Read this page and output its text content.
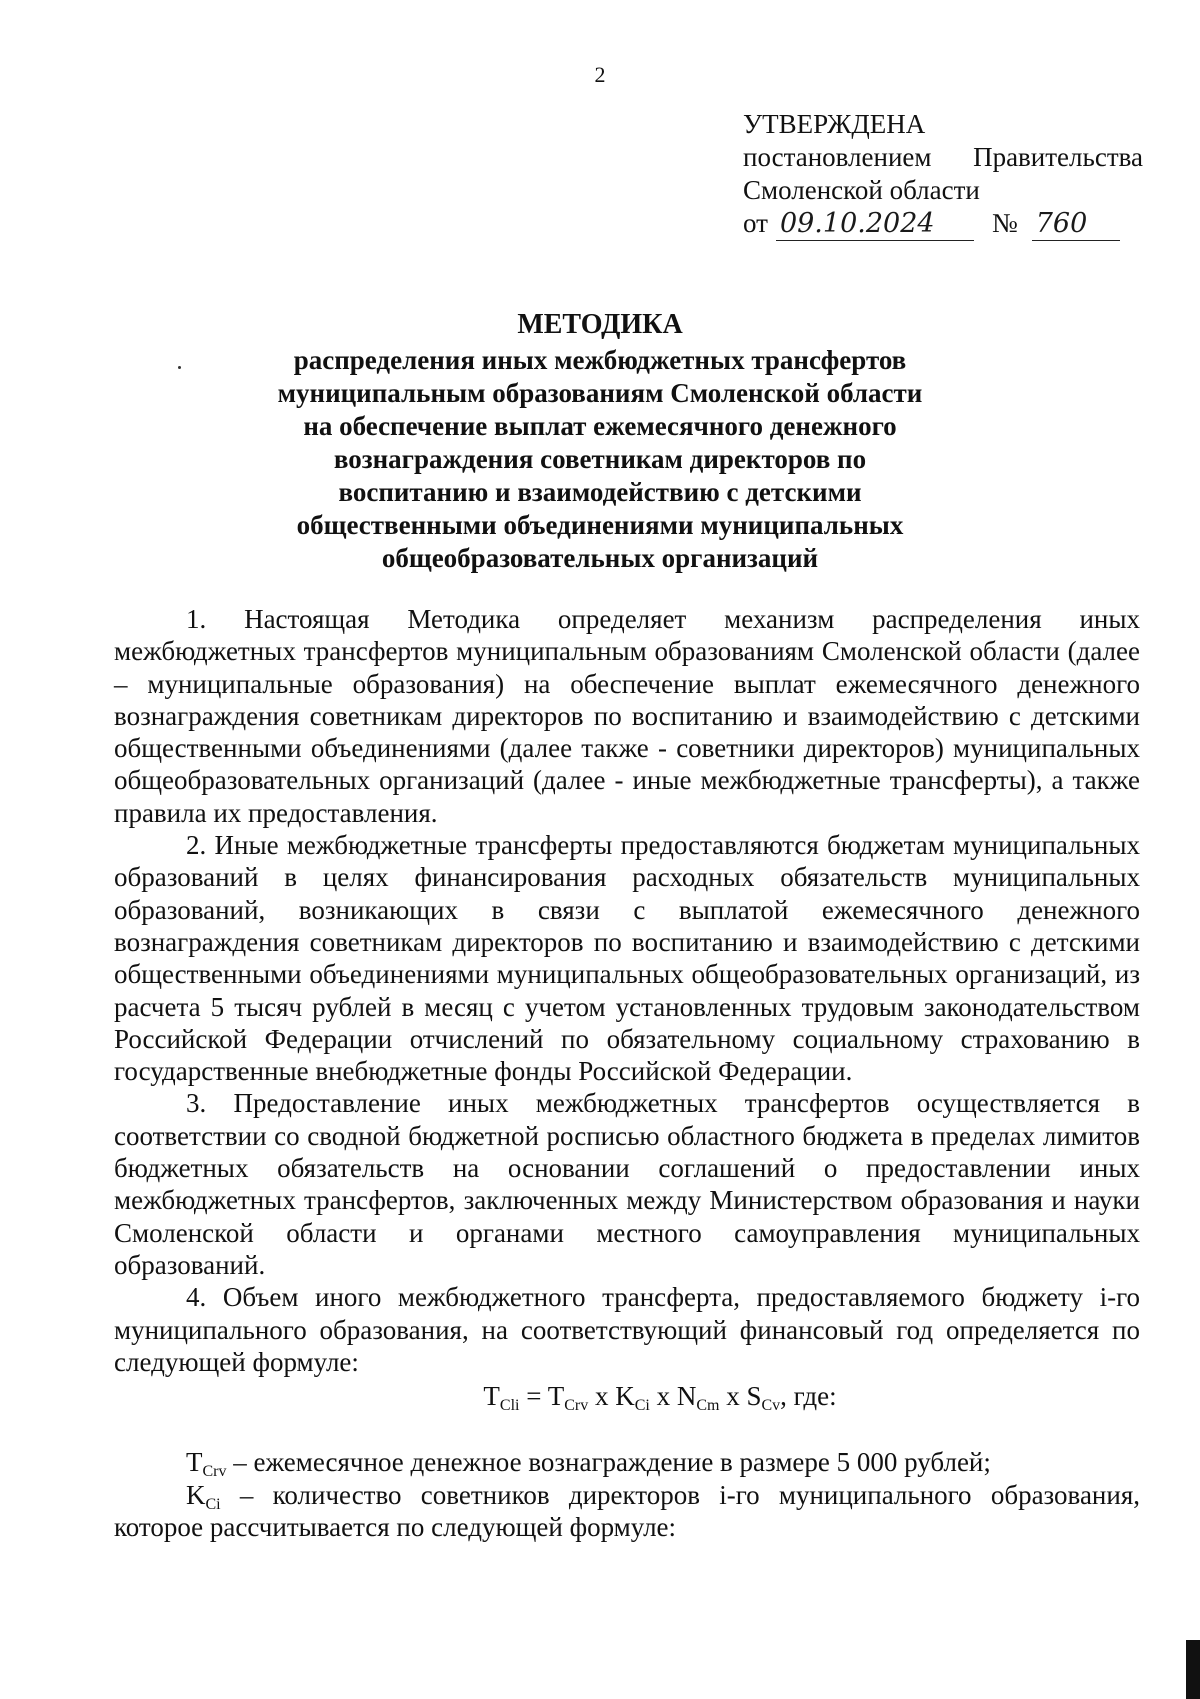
2
УТВЕРЖДЕНА
постановлением Правительства
Смоленской области
от 09.10.2024	№ 760
МЕТОДИКА
распределения иных межбюджетных трансфертов
муниципальным образованиям Смоленской области
на обеспечение выплат ежемесячного денежного
вознаграждения советникам директоров по
воспитанию и взаимодействию с детскими
общественными объединениями муниципальных
общеобразовательных организаций

1. Настоящая Методика определяет механизм распределения иных межбюджетных трансфертов муниципальным образованиям Смоленской области (далее – муниципальные образования) на обеспечение выплат ежемесячного денежного вознаграждения советникам директоров по воспитанию и взаимодействию с детскими общественными объединениями (далее также - советники директоров) муниципальных общеобразовательных организаций (далее - иные межбюджетные трансферты), а также правила их предоставления.

2. Иные межбюджетные трансферты предоставляются бюджетам муниципальных образований в целях финансирования расходных обязательств муниципальных образований, возникающих в связи с выплатой ежемесячного денежного вознаграждения советникам директоров по воспитанию и взаимодействию с детскими общественными объединениями муниципальных общеобразовательных организаций, из расчета 5 тысяч рублей в месяц с учетом установленных трудовым законодательством Российской Федерации отчислений по обязательному социальному страхованию в государственные внебюджетные фонды Российской Федерации.

3. Предоставление иных межбюджетных трансфертов осуществляется в соответствии со сводной бюджетной росписью областного бюджета в пределах лимитов бюджетных обязательств на основании соглашений о предоставлении иных межбюджетных трансфертов, заключенных между Министерством образования и науки Смоленской области и органами местного самоуправления муниципальных образований.

4. Объем иного межбюджетного трансферта, предоставляемого бюджету i-го муниципального образования, на соответствующий финансовый год определяется по следующей формуле:

$T_{Cli} = T_{Crv}$ x $K_{Ci}$ x $N_{Cm}$ x $S_{Cv}$, где:

$T_{Crv}$ – ежемесячное денежное вознаграждение в размере 5 000 рублей;

$K_{Ci}$ – количество советников директоров i-го муниципального образования, которое рассчитывается по следующей формуле:
